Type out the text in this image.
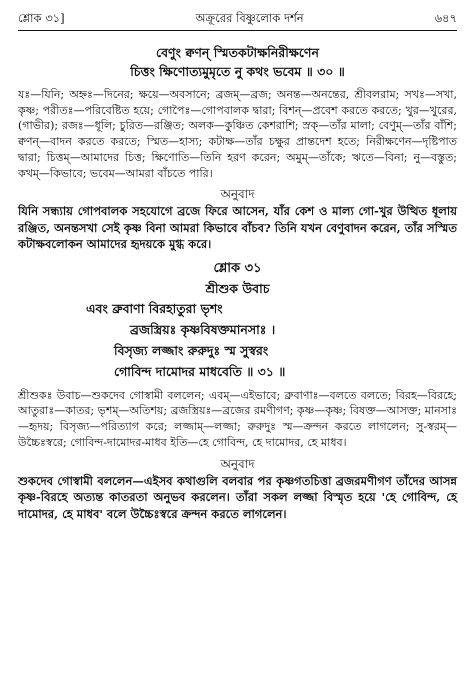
শ্লোক ৩১]	অক্রূরের বিষ্ণুলোক দর্শন	৬৪৭
বেণুং ক্বণন্ স্মিতকটাক্ষনিরীক্ষণেন
চিত্তং ক্ষিণোত্যমুমৃতে নু কথং ভবেম ॥ ৩০ ॥

যঃ—যিনি; অহ্নঃ—দিনের; ক্ষয়ে—অবসানে; ব্রজম্—ব্রজ; অনন্ত—অনন্তের, শ্রীবলরাম; সখঃ—সখা, কৃষ্ণ; পরীতঃ—পরিবেষ্টিত হয়ে; গোপৈঃ—গোপবালক দ্বারা; বিশন্—প্রবেশ করতে করতে; খুর—খুরের, (গাভীর); রজঃ—ধূলি; চুরিত—রঞ্জিত; অলক—কুঞ্চিত কেশরাশি; স্রক্—তাঁর মালা; বেণুম্—তাঁর বাঁশি; ক্বণন্—বাদন করতে করতে; স্মিত—হাস্য; কটাক্ষ—তাঁর চক্ষুর প্রান্তদেশ হতে; নিরীক্ষণেন—দৃষ্টিপাত দ্বারা; চিত্তম্—আমাদের চিত্ত; ক্ষিণোতি—তিনি হরণ করেন; অমুম্—তাঁকে; ঋতে—বিনা; নু—বস্তুত; কথম্—কিভাবে; ভবেম—আমরা বাঁচতে পারি।

অনুবাদ

যিনি সন্ধ্যায় গোপবালক সহযোগে ব্রজে ফিরে আসেন, যাঁর কেশ ও মাল্য গো-খুর উত্থিত ধূলায় রঞ্জিত, অনন্তসখা সেই কৃষ্ণ বিনা আমরা কিভাবে বাঁচব? তিনি যখন বেণুবাদন করেন, তাঁর সস্মিত কটাক্ষবলোকন আমাদের হৃদয়কে মুগ্ধ করে।

শ্লোক ৩১
শ্রীশুক উবাচ
এবং ব্রুবাণা বিরহাতুরা ভৃশং
ব্রজস্ত্রিয়ঃ কৃষ্ণবিষক্তমানসাঃ ।
বিসৃজ্য লজ্জাং রুরুদুঃ স্ম সুস্বরং
গোবিন্দ দামোদর মাধবেতি ॥ ৩১ ॥

শ্রীশুকঃ উবাচ—শুকদেব গোস্বামী বললেন; এবম্—এইভাবে; ব্রুবাণাঃ—বলতে বলতে; বিরহ—বিরহে; আতুরাঃ—কাতর; ভৃশম্—অতিশয়; ব্রজস্ত্রিয়ঃ—ব্রজের রমণীগণ; কৃষ্ণ—কৃষ্ণ; বিষক্ত—আসক্ত; মানসাঃ—হৃদয়; বিসৃজ্য—পরিত্যাগ করে; লজ্জাম্—লজ্জা; রুরুদুঃ স্ম—ক্রন্দন করতে লাগলেন; সু-স্বরম্—উচ্চৈঃস্বরে; গোবিন্দ-দামোদর-মাধব ইতি—হে গোবিন্দ, হে দামোদর, হে মাধব।

অনুবাদ

শুকদেব গোস্বামী বললেন—এইসব কথাগুলি বলবার পর কৃষ্ণগতচিত্তা ব্রজরমণীগণ তাঁদের আসন্ন কৃষ্ণ-বিরহে অত্যন্ত কাতরতা অনুভব করলেন। তাঁরা সকল লজ্জা বিস্মৃত হয়ে 'হে গোবিন্দ, হে দামোদর, হে মাধব' বলে উচ্চৈঃস্বরে ক্রন্দন করতে লাগলেন।
